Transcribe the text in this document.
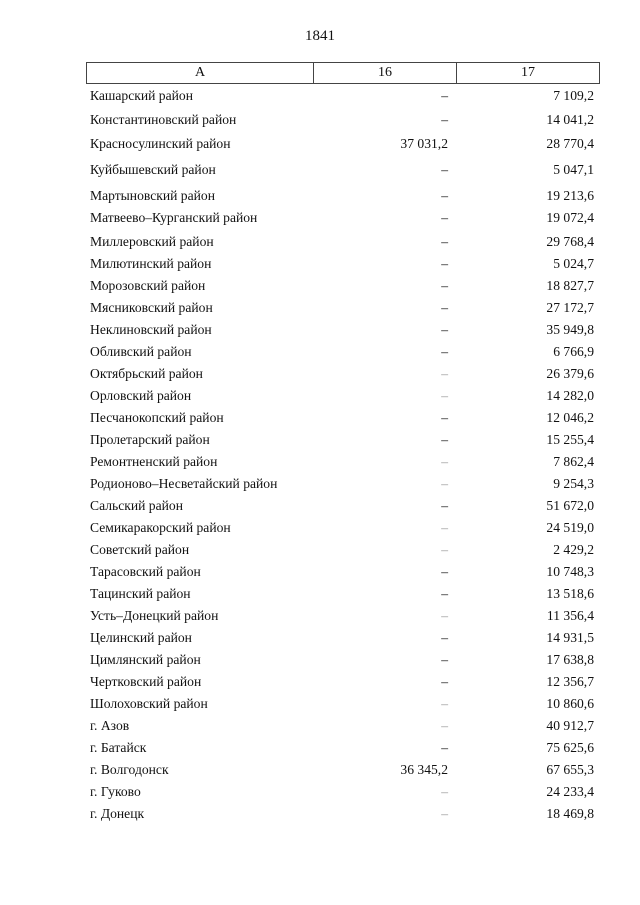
1841
А	16	17
Кашарский район	–	7 109,2
Константиновский район	–	14 041,2
Красносулинский район	37 031,2	28 770,4
Куйбышевский район	–	5 047,1
Мартыновский район	–	19 213,6
Матвеево–Курганский район	–	19 072,4
Миллеровский район	–	29 768,4
Милютинский район	–	5 024,7
Морозовский район	–	18 827,7
Мясниковский район	–	27 172,7
Неклиновский район	–	35 949,8
Обливский район	–	6 766,9
Октябрьский район	–	26 379,6
Орловский район	–	14 282,0
Песчанокопский район	–	12 046,2
Пролетарский район	–	15 255,4
Ремонтненский район	–	7 862,4
Родионово–Несветайский район	–	9 254,3
Сальский район	–	51 672,0
Семикаракорский район	–	24 519,0
Советский район	–	2 429,2
Тарасовский район	–	10 748,3
Тацинский район	–	13 518,6
Усть–Донецкий район	–	11 356,4
Целинский район	–	14 931,5
Цимлянский район	–	17 638,8
Чертковский район	–	12 356,7
Шолоховский район	–	10 860,6
г. Азов	–	40 912,7
г. Батайск	–	75 625,6
г. Волгодонск	36 345,2	67 655,3
г. Гуково	–	24 233,4
г. Донецк	–	18 469,8
